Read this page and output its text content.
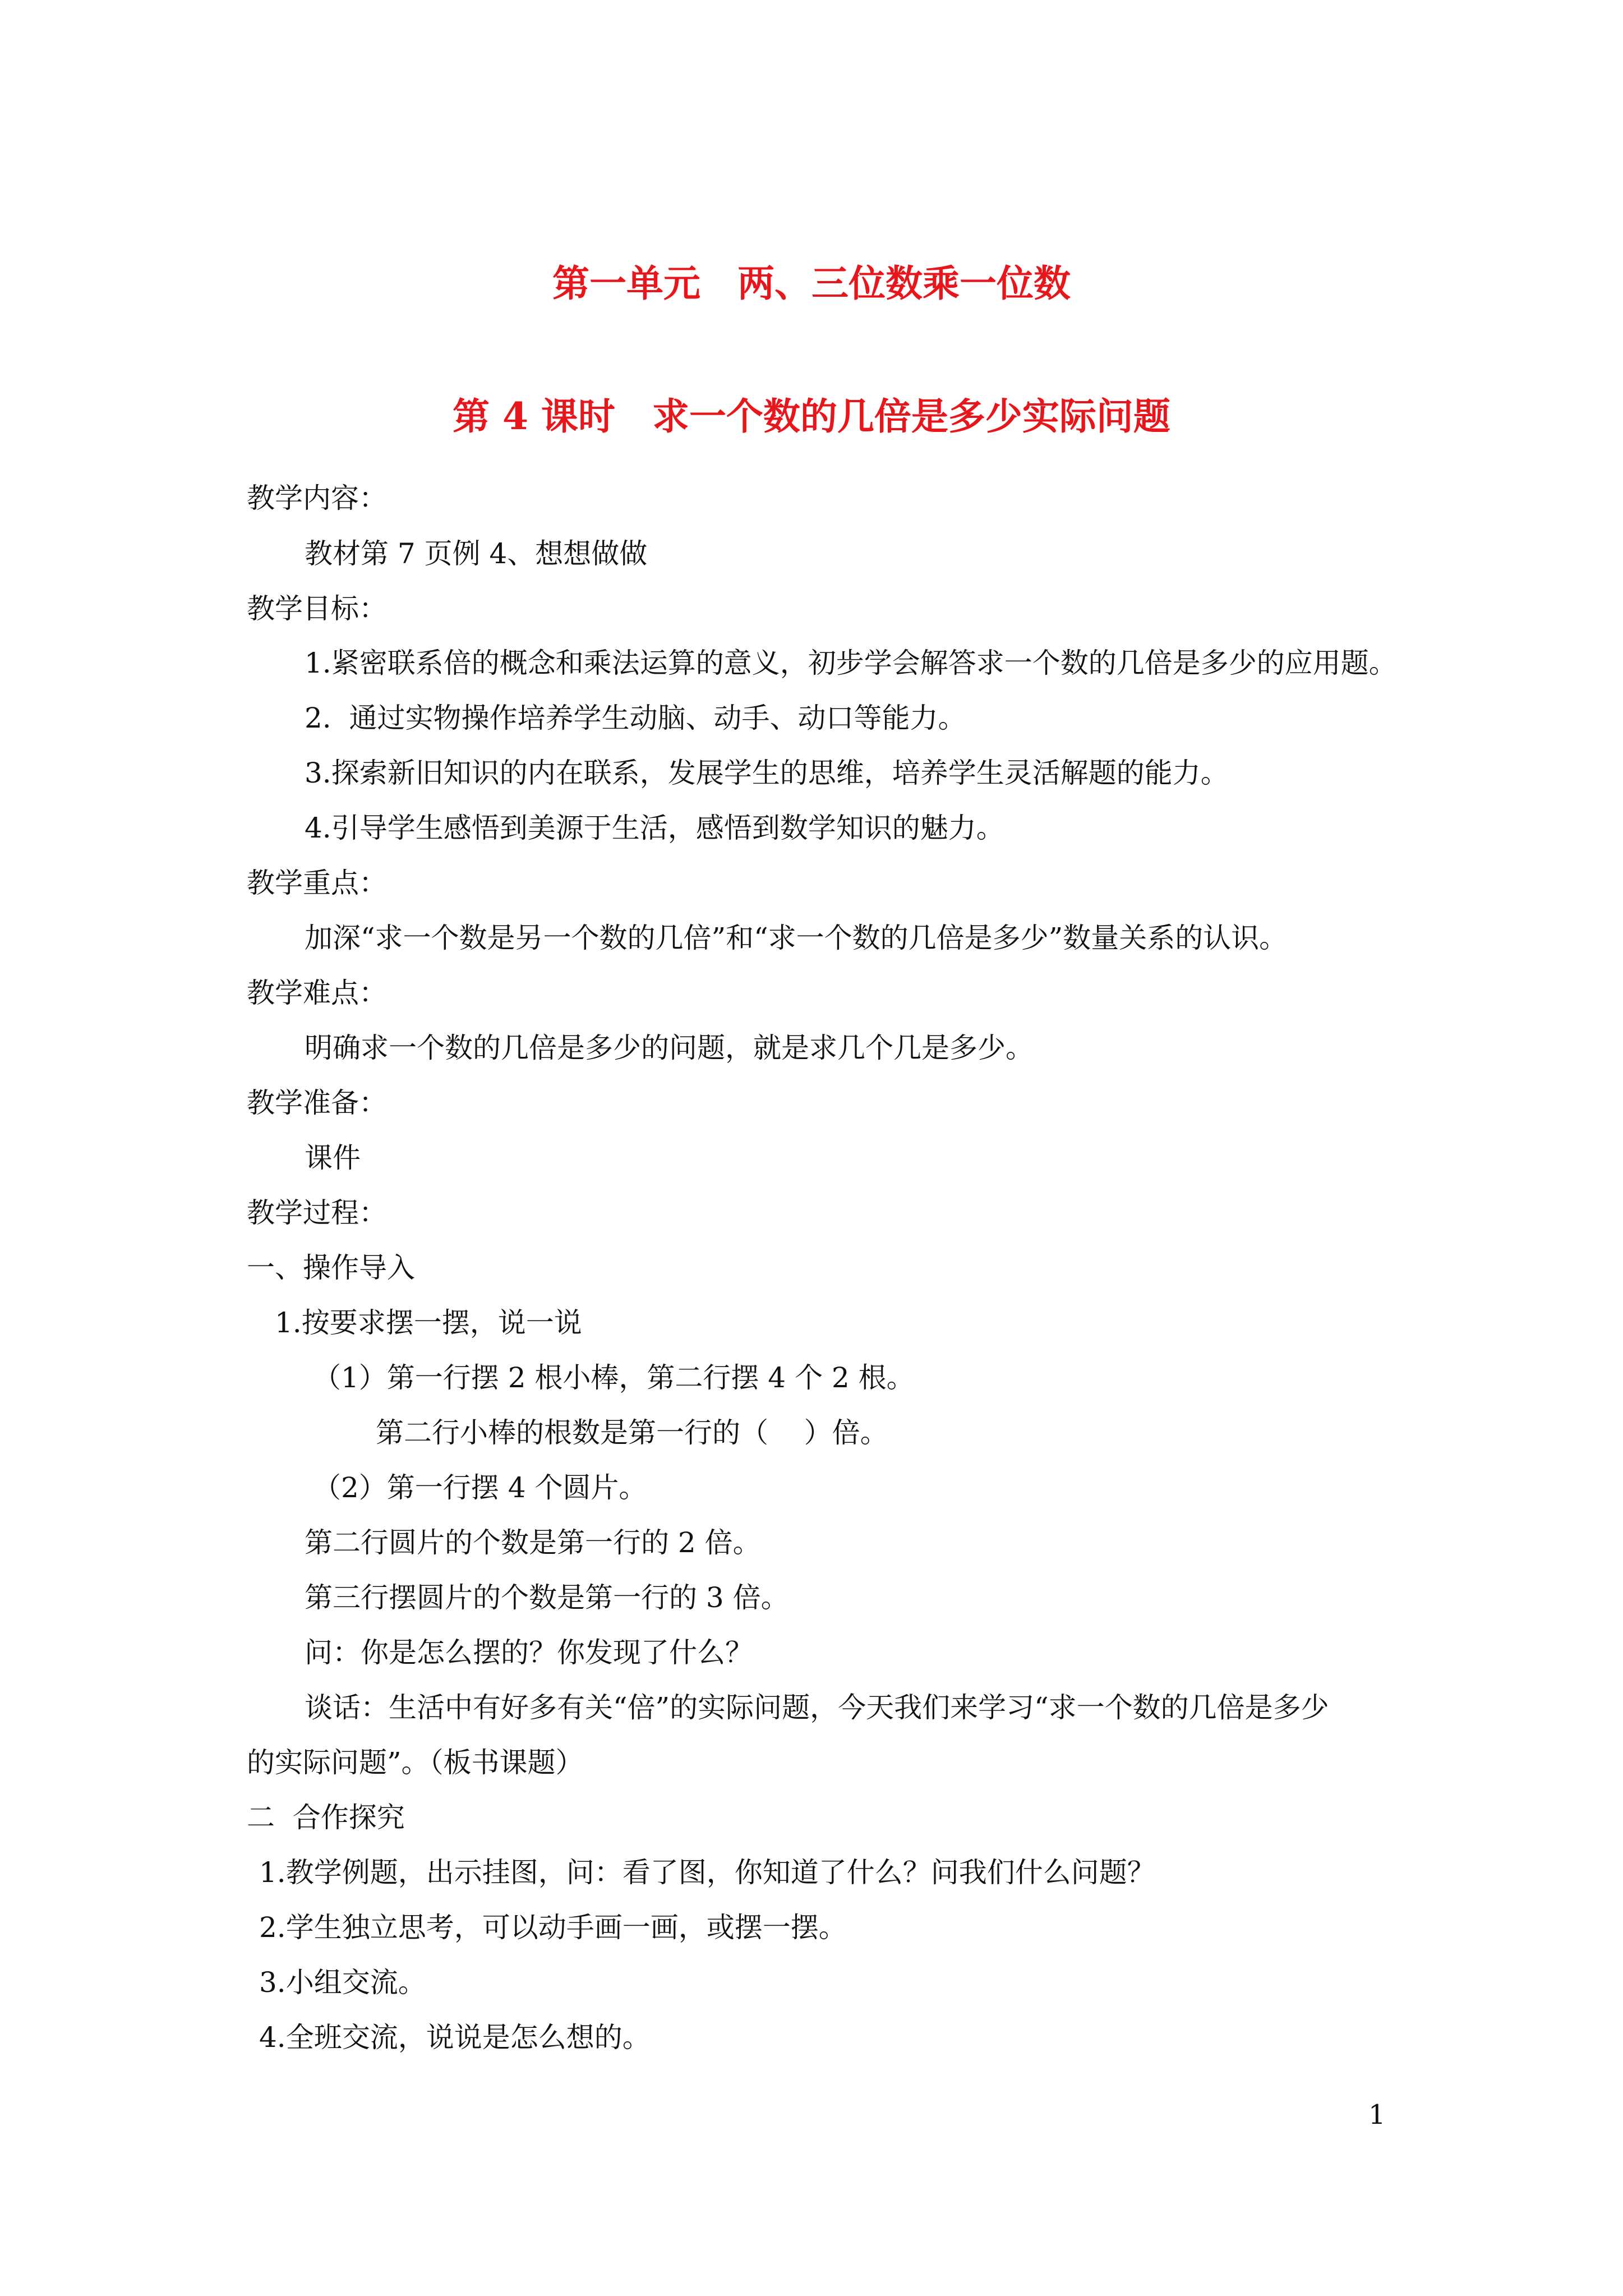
第一单元　两、三位数乘一位数
第 4 课时　求一个数的几倍是多少实际问题
教学内容：
教材第 7 页例 4、想想做做
教学目标：
1.紧密联系倍的概念和乘法运算的意义，初步学会解答求一个数的几倍是多少的应用题。
2.  通过实物操作培养学生动脑、动手、动口等能力。
3.探索新旧知识的内在联系，发展学生的思维，培养学生灵活解题的能力。
4.引导学生感悟到美源于生活，感悟到数学知识的魅力。
教学重点：
加深“求一个数是另一个数的几倍”和“求一个数的几倍是多少”数量关系的认识。
教学难点：
明确求一个数的几倍是多少的问题，就是求几个几是多少。
教学准备：
课件
教学过程：
一、操作导入
1.按要求摆一摆，说一说
（1）第一行摆 2 根小棒，第二行摆 4 个 2 根。
第二行小棒的根数是第一行的（    ）倍。
（2）第一行摆 4 个圆片。
第二行圆片的个数是第一行的 2 倍。
第三行摆圆片的个数是第一行的 3 倍。
问：你是怎么摆的？你发现了什么？
谈话：生活中有好多有关“倍”的实际问题，今天我们来学习“求一个数的几倍是多少
的实际问题”。（板书课题）
二  合作探究
1.教学例题，出示挂图，问：看了图，你知道了什么？问我们什么问题？
2.学生独立思考，可以动手画一画，或摆一摆。
3.小组交流。
4.全班交流，说说是怎么想的。
1
